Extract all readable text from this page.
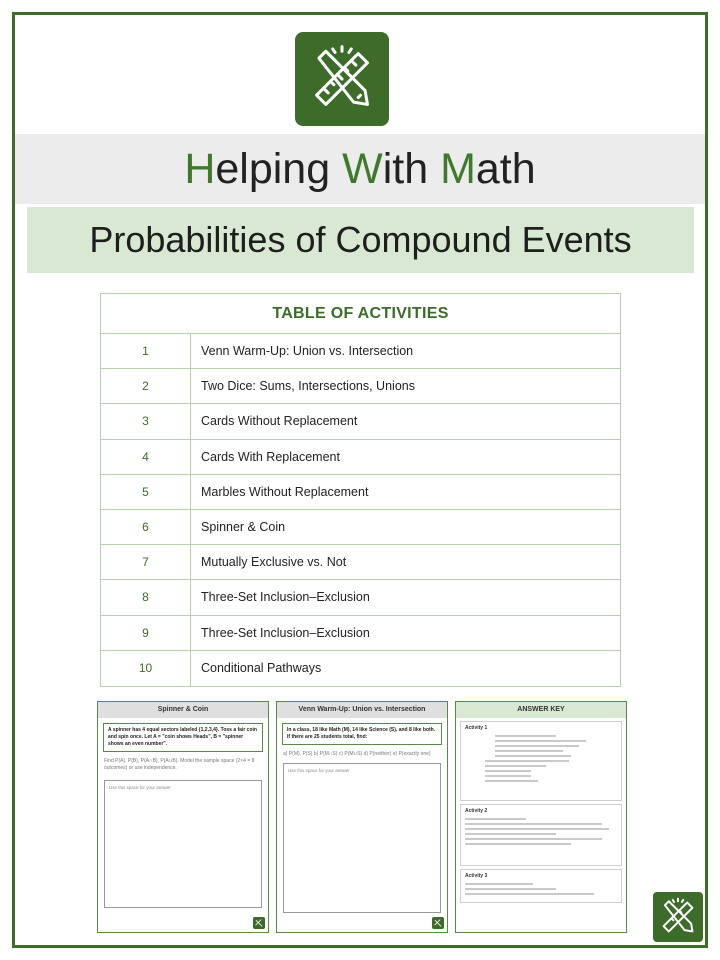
Helping With Math
Probabilities of Compound Events
TABLE OF ACTIVITIES
1	Venn Warm-Up: Union vs. Intersection
2	Two Dice: Sums, Intersections, Unions
3	Cards Without Replacement
4	Cards With Replacement
5	Marbles Without Replacement
6	Spinner & Coin
7	Mutually Exclusive vs. Not
8	Three-Set Inclusion–Exclusion
9	Three-Set Inclusion–Exclusion
10	Conditional Pathways
Spinner & Coin
A spinner has 4 equal sectors labeled {1,2,3,4}. Toss a fair coin and spin once. Let A = "coin shows Heads", B = "spinner shows an even number".
Find P(A), P(B), P(A∩B), P(A∪B). Model the sample space (2×4 = 8 outcomes) or use independence.
Use this space for your answer
Venn Warm-Up: Union vs. Intersection
In a class, 18 like Math (M), 14 like Science (S), and 8 like both. If there are 25 students total, find:
a) P(M), P(S) b) P(M∩S) c) P(M∪S) d) P(neither) e) P(exactly one)
Use this space for your answer
ANSWER KEY
Activity 1
Activity 2
Activity 3
